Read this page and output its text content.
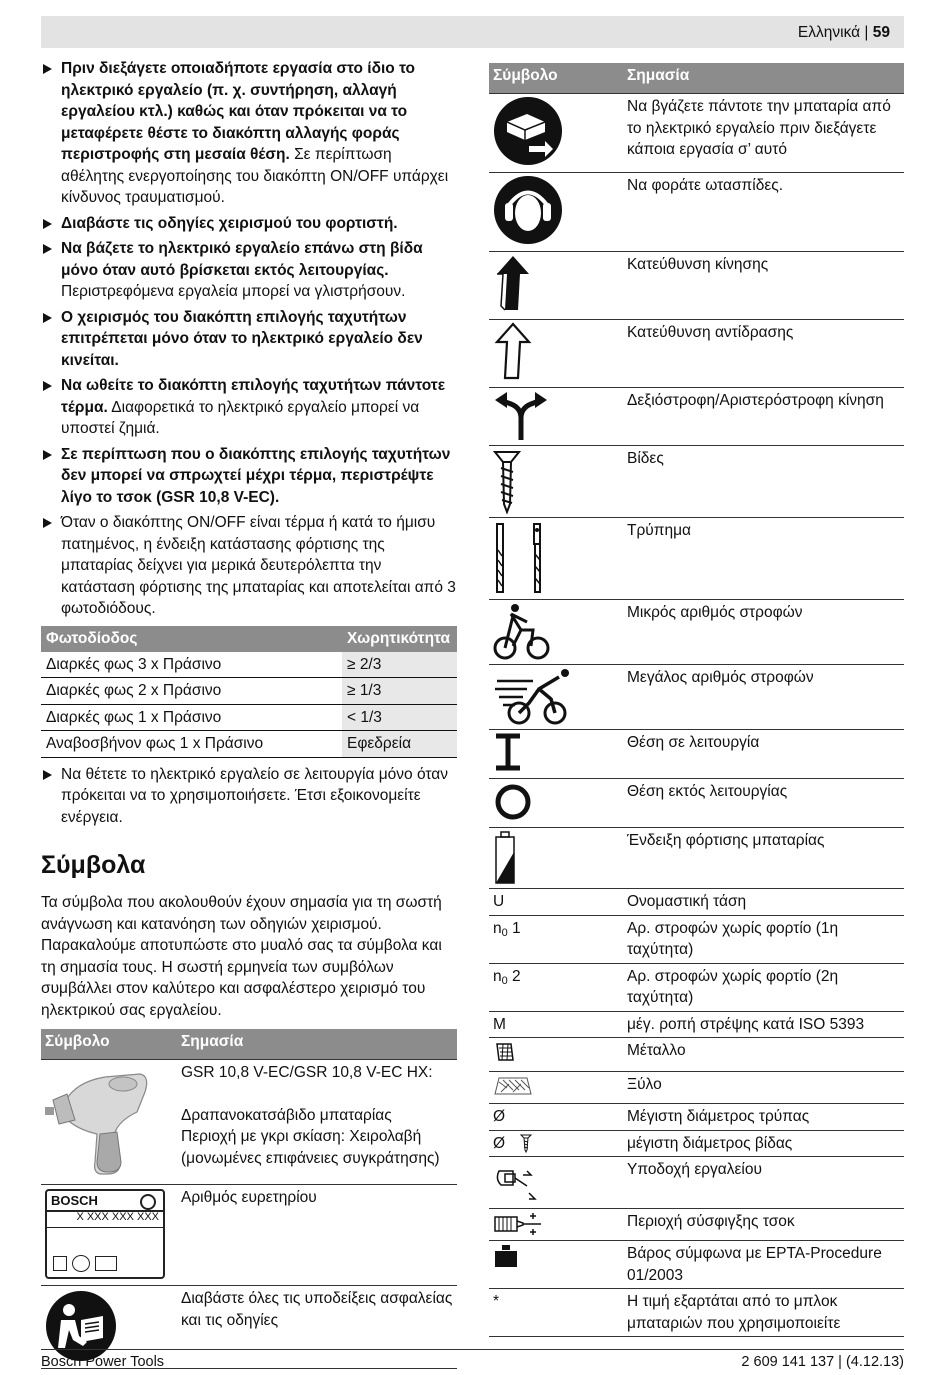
Ελληνικά | 59
Πριν διεξάγετε οποιαδήποτε εργασία στο ίδιο το ηλεκτρικό εργαλείο (π. χ. συντήρηση, αλλαγή εργαλείου κτλ.) καθώς και όταν πρόκειται να το μεταφέρετε θέστε το διακόπτη αλλαγής φοράς περιστροφής στη μεσαία θέση. Σε περίπτωση αθέλητης ενεργοποίησης του διακόπτη ON/OFF υπάρχει κίνδυνος τραυματισμού.
Διαβάστε τις οδηγίες χειρισμού του φορτιστή.
Να βάζετε το ηλεκτρικό εργαλείο επάνω στη βίδα μόνο όταν αυτό βρίσκεται εκτός λειτουργίας. Περιστρεφόμενα εργαλεία μπορεί να γλιστρήσουν.
Ο χειρισμός του διακόπτη επιλογής ταχυτήτων επιτρέπεται μόνο όταν το ηλεκτρικό εργαλείο δεν κινείται.
Να ωθείτε το διακόπτη επιλογής ταχυτήτων πάντοτε τέρμα. Διαφορετικά το ηλεκτρικό εργαλείο μπορεί να υποστεί ζημιά.
Σε περίπτωση που ο διακόπτης επιλογής ταχυτήτων δεν μπορεί να σπρωχτεί μέχρι τέρμα, περιστρέψτε λίγο το τσοκ (GSR 10,8 V-EC).
Όταν ο διακόπτης ON/OFF είναι τέρμα ή κατά το ήμισυ πατημένος, η ένδειξη κατάστασης φόρτισης της μπαταρίας δείχνει για μερικά δευτερόλεπτα την κατάσταση φόρτισης της μπαταρίας και αποτελείται από 3 φωτοδιόδους.
Φωτοδίοδος	Χωρητικότητα
Διαρκές φως 3 x Πράσινο	≥ 2/3
Διαρκές φως 2 x Πράσινο	≥ 1/3
Διαρκές φως 1 x Πράσινο	< 1/3
Αναβοσβήνον φως 1 x Πράσινο	Εφεδρεία
Να θέτετε το ηλεκτρικό εργαλείο σε λειτουργία μόνο όταν πρόκειται να το χρησιμοποιήσετε. Έτσι εξοικονομείτε ενέργεια.
Σύμβολα
Τα σύμβολα που ακολουθούν έχουν σημασία για τη σωστή ανάγνωση και κατανόηση των οδηγιών χειρισμού. Παρακαλούμε αποτυπώστε στο μυαλό σας τα σύμβολα και τη σημασία τους. Η σωστή ερμηνεία των συμβόλων συμβάλλει στον καλύτερο και ασφαλέστερο χειρισμό του ηλεκτρικού σας εργαλείου.
Σύμβολο	Σημασία

GSR 10,8 V-EC/GSR 10,8 V-EC HX:
Δραπανοκατσάβιδο μπαταρίας
Περιοχή με γκρι σκίαση: Χειρολαβή (μονωμένες επιφάνειες συγκράτησης)

BOSCH
X XXX XXX XXX	Αριθμός ευρετηρίου

	Διαβάστε όλες τις υποδείξεις ασφαλείας και τις οδηγίες
Σύμβολο	Σημασία

	Να βγάζετε πάντοτε την μπαταρία από το ηλεκτρικό εργαλείο πριν διεξάγετε κάποια εργασία σ’ αυτό

	Να φοράτε ωτασπίδες.

	Κατεύθυνση κίνησης

	Κατεύθυνση αντίδρασης

	Δεξιόστροφη/Αριστερόστροφη κίνηση

	Βίδες

	Τρύπημα

	Μικρός αριθμός στροφών

	Μεγάλος αριθμός στροφών

	Θέση σε λειτουργία

	Θέση εκτός λειτουργίας

	Ένδειξη φόρτισης μπαταρίας
U	Ονομαστική τάση
$n_0$ 1	Αρ. στροφών χωρίς φορτίο (1η ταχύτητα)
$n_0$ 2	Αρ. στροφών χωρίς φορτίο (2η ταχύτητα)
M	μέγ. ροπή στρέψης κατά ISO 5393

	Μέταλλο

	Ξύλο
Ø	Μέγιστη διάμετρος τρύπας
Ø	μέγιστη διάμετρος βίδας

	Υποδοχή εργαλείου

	Περιοχή σύσφιγξης τσοκ

	Βάρος σύμφωνα με EPTA-Procedure 01/2003
*	Η τιμή εξαρτάται από το μπλοκ μπαταριών που χρησιμοποιείτε
Bosch Power Tools	2 609 141 137 | (4.12.13)
